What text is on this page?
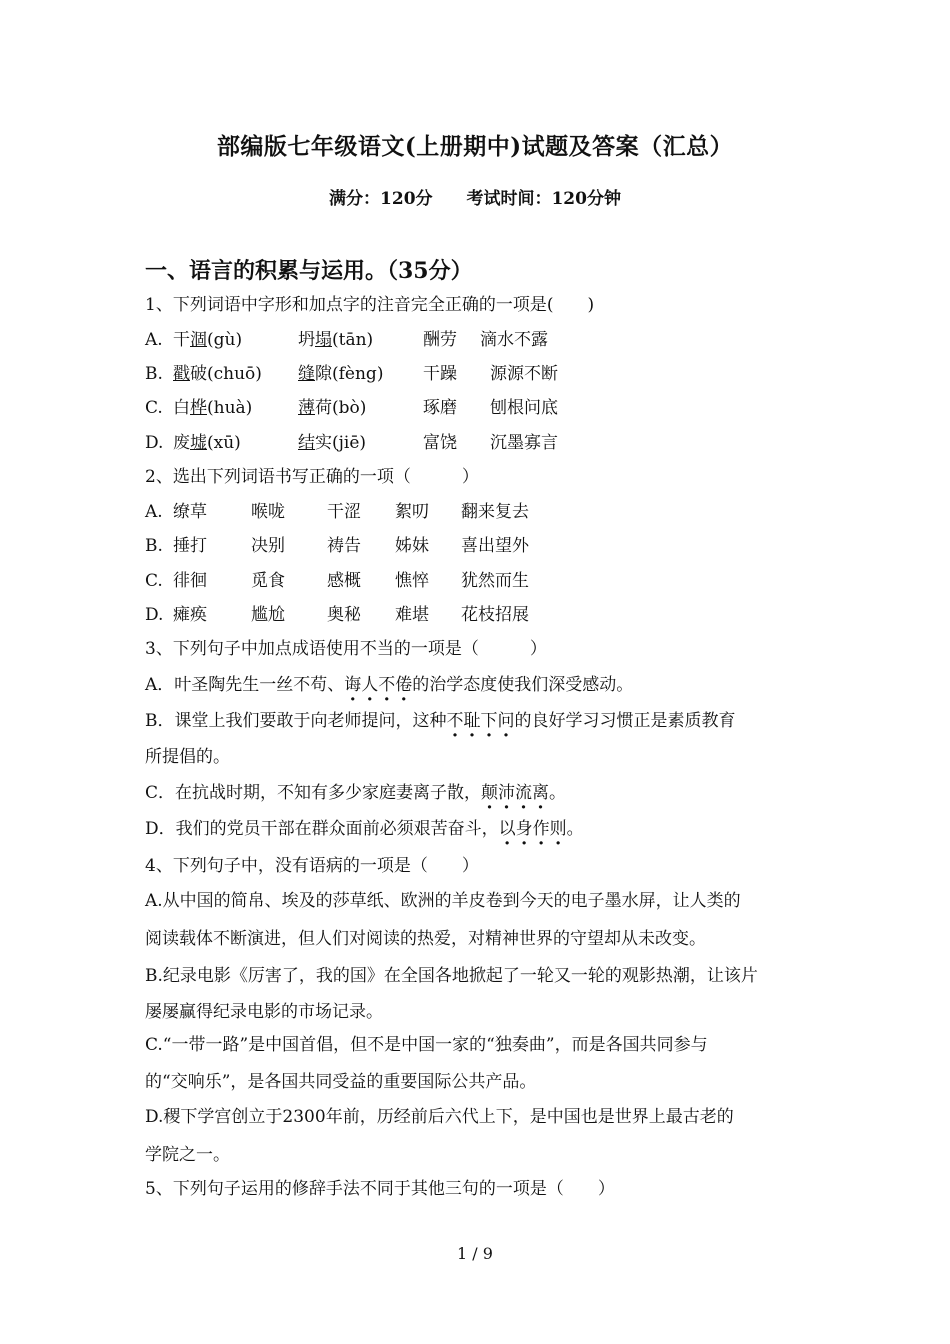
部编版七年级语文(上册期中)试题及答案（汇总）
满分：120分 考试时间：120分钟
一、语言的积累与运用。（35分）
1、下列词语中字形和加点字的注音完全正确的一项是(　　)
A. 干涸(gù)	坍塌(tān)	酬劳 滴水不露
B. 戳破(chuō) 缝隙(fèng) 干躁 源源不断
C. 白桦(huà)	薄荷(bò)	琢磨 刨根问底
D. 废墟(xū)	结实(jiē)	富饶 沉墨寡言
2、选出下列词语书写正确的一项（　　　）
A. 缭草	喉咙 干涩 絮叨 翻来复去
B. 捶打	决别 祷告 姊妹 喜出望外
C. 徘徊	觅食 感概 憔悴 犹然而生
D. 瘫痪	尴尬 奥秘 难堪 花枝招展
3、下列句子中加点成语使用不当的一项是（　　　）
A．叶圣陶先生一丝不苟、诲人不倦的治学态度使我们深受感动。
B．课堂上我们要敢于向老师提问，这种不耻下问的良好学习习惯正是素质教育
所提倡的。
C．在抗战时期，不知有多少家庭妻离子散，颠沛流离。
D．我们的党员干部在群众面前必须艰苦奋斗，以身作则。
4、下列句子中，没有语病的一项是（　　）
A.从中国的简帛、埃及的莎草纸、欧洲的羊皮卷到今天的电子墨水屏，让人类的
阅读载体不断演进，但人们对阅读的热爱，对精神世界的守望却从未改变。
B.纪录电影《厉害了，我的国》在全国各地掀起了一轮又一轮的观影热潮，让该片
屡屡赢得纪录电影的市场记录。
C.“一带一路”是中国首倡，但不是中国一家的“独奏曲”，而是各国共同参与
的“交响乐”，是各国共同受益的重要国际公共产品。
D.稷下学宫创立于2300年前，历经前后六代上下，是中国也是世界上最古老的
学院之一。
5、下列句子运用的修辞手法不同于其他三句的一项是（　　）
1 / 9
